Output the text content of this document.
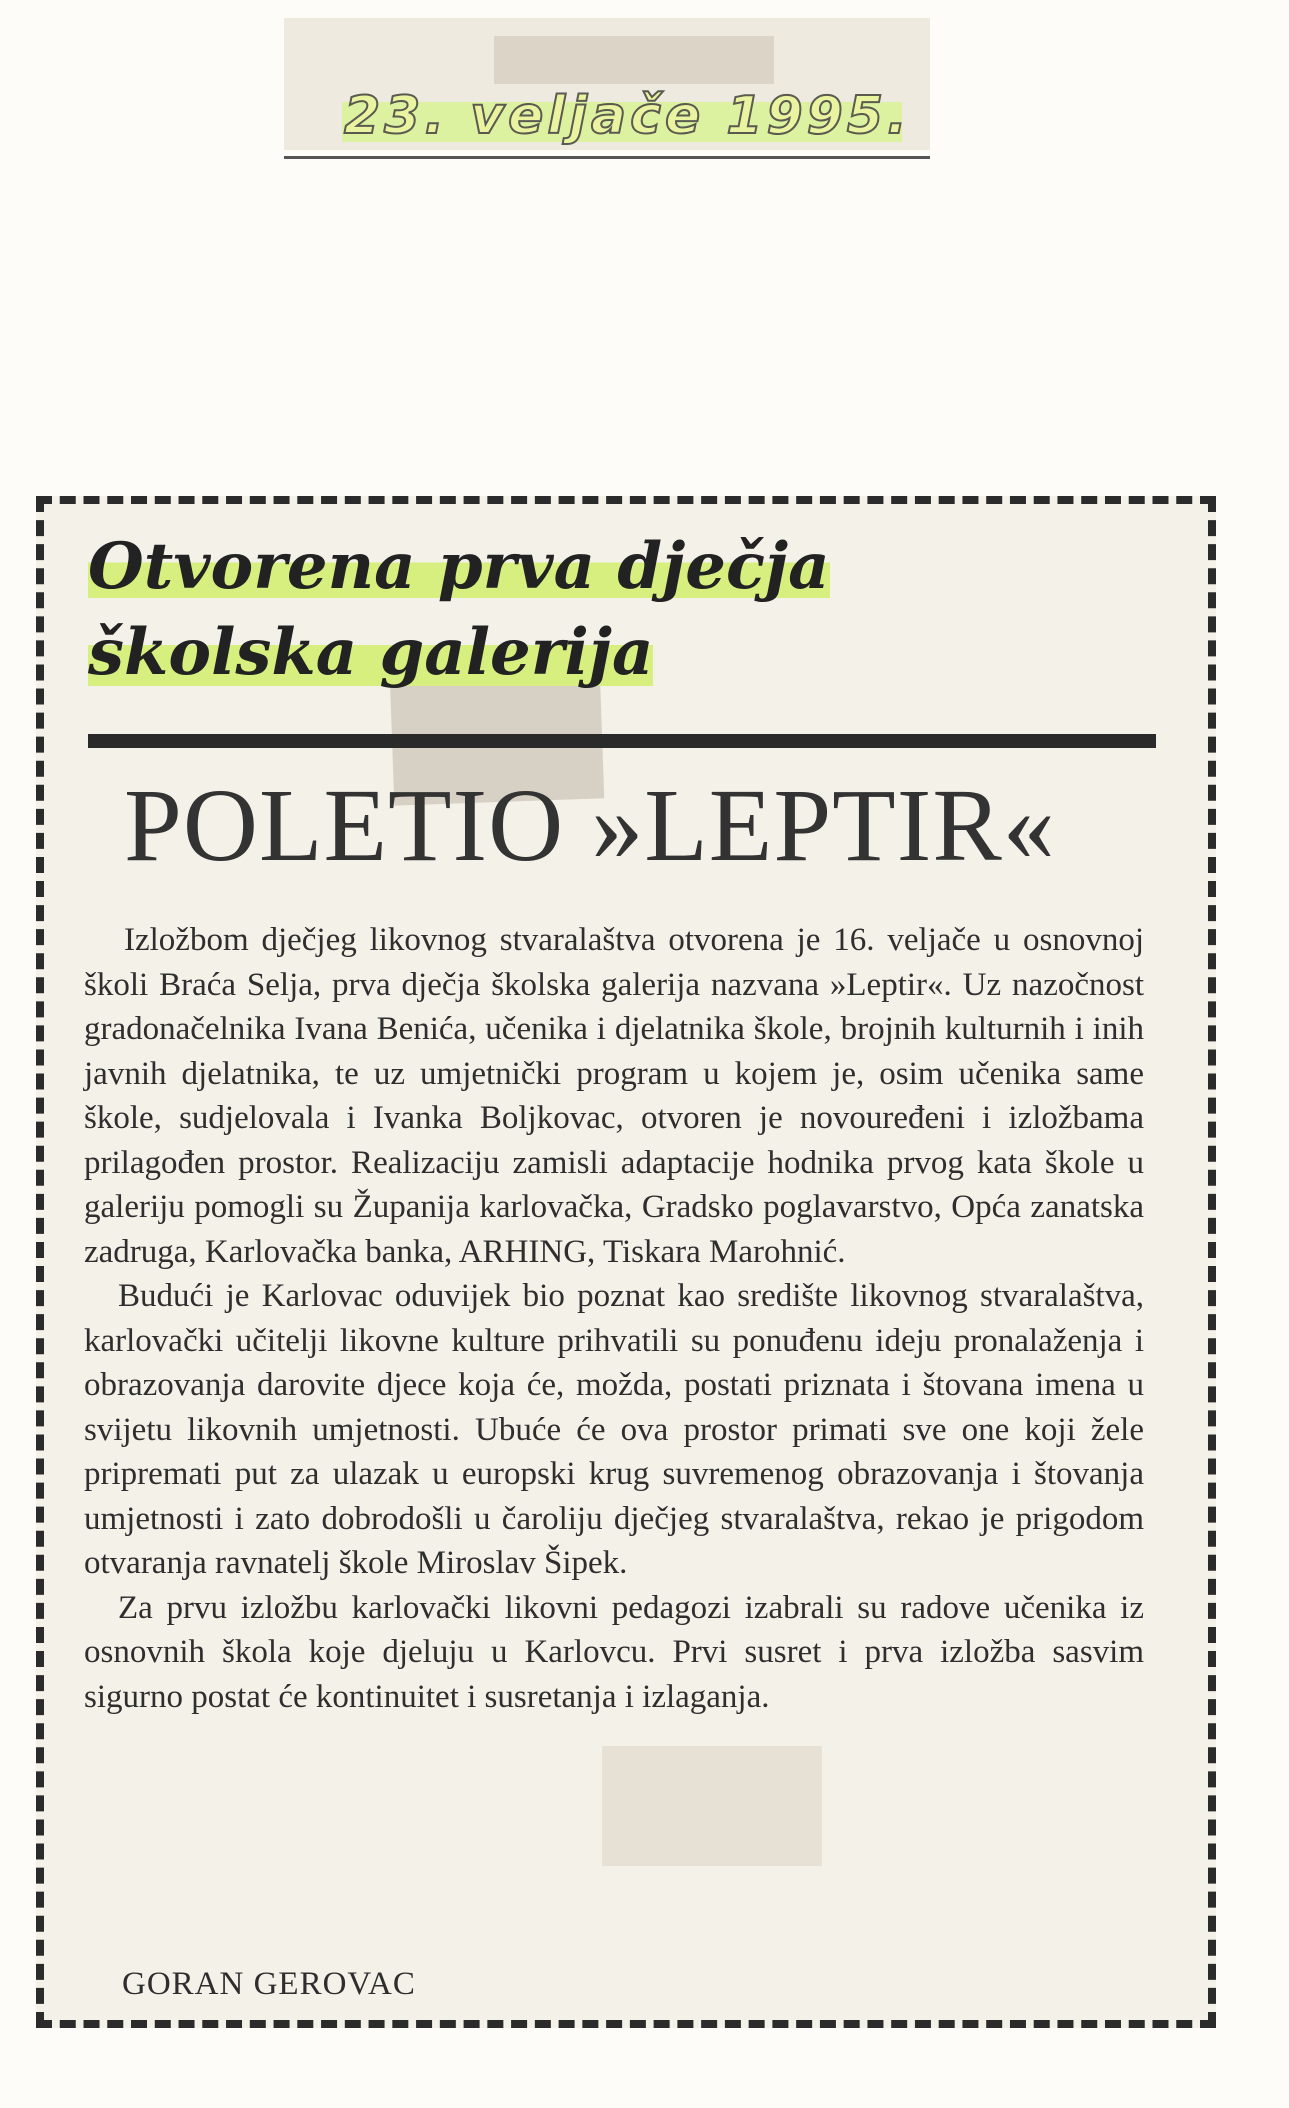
23. veljače 1995.
Otvorena prva dječja
školska galerija
POLETIO »LEPTIR«

Izložbom dječjeg likovnog stvaralaštva otvorena je 16. veljače u osnovnoj školi Braća Selja, prva dječja školska galerija nazvana »Leptir«. Uz nazočnost gradonačelnika Ivana Benića, učenika i djelatnika škole, brojnih kulturnih i inih javnih djelatnika, te uz umjetnički program u kojem je, osim učenika same škole, sudjelovala i Ivanka Boljkovac, otvoren je novouređeni i izložbama prilagođen prostor. Realizaciju zamisli adaptacije hodnika prvog kata škole u galeriju pomogli su Županija karlovačka, Gradsko poglavarstvo, Opća zanatska zadruga, Karlovačka banka, ARHING, Tiskara Marohnić.

Budući je Karlovac oduvijek bio poznat kao središte likovnog stvaralaštva, karlovački učitelji likovne kulture prihvatili su ponuđenu ideju pronalaženja i obrazovanja darovite djece koja će, možda, postati priznata i štovana imena u svijetu likovnih umjetnosti. Ubuće će ova prostor primati sve one koji žele pripremati put za ulazak u europski krug suvremenog obrazovanja i štovanja umjetnosti i zato dobrodošli u čaroliju dječjeg stvaralaštva, rekao je prigodom otvaranja ravnatelj škole Miroslav Šipek.

Za prvu izložbu karlovački likovni pedagozi izabrali su radove učenika iz osnovnih škola koje djeluju u Karlovcu. Prvi susret i prva izložba sasvim sigurno postat će kontinuitet i susretanja i izlaganja.

GORAN GEROVAC
